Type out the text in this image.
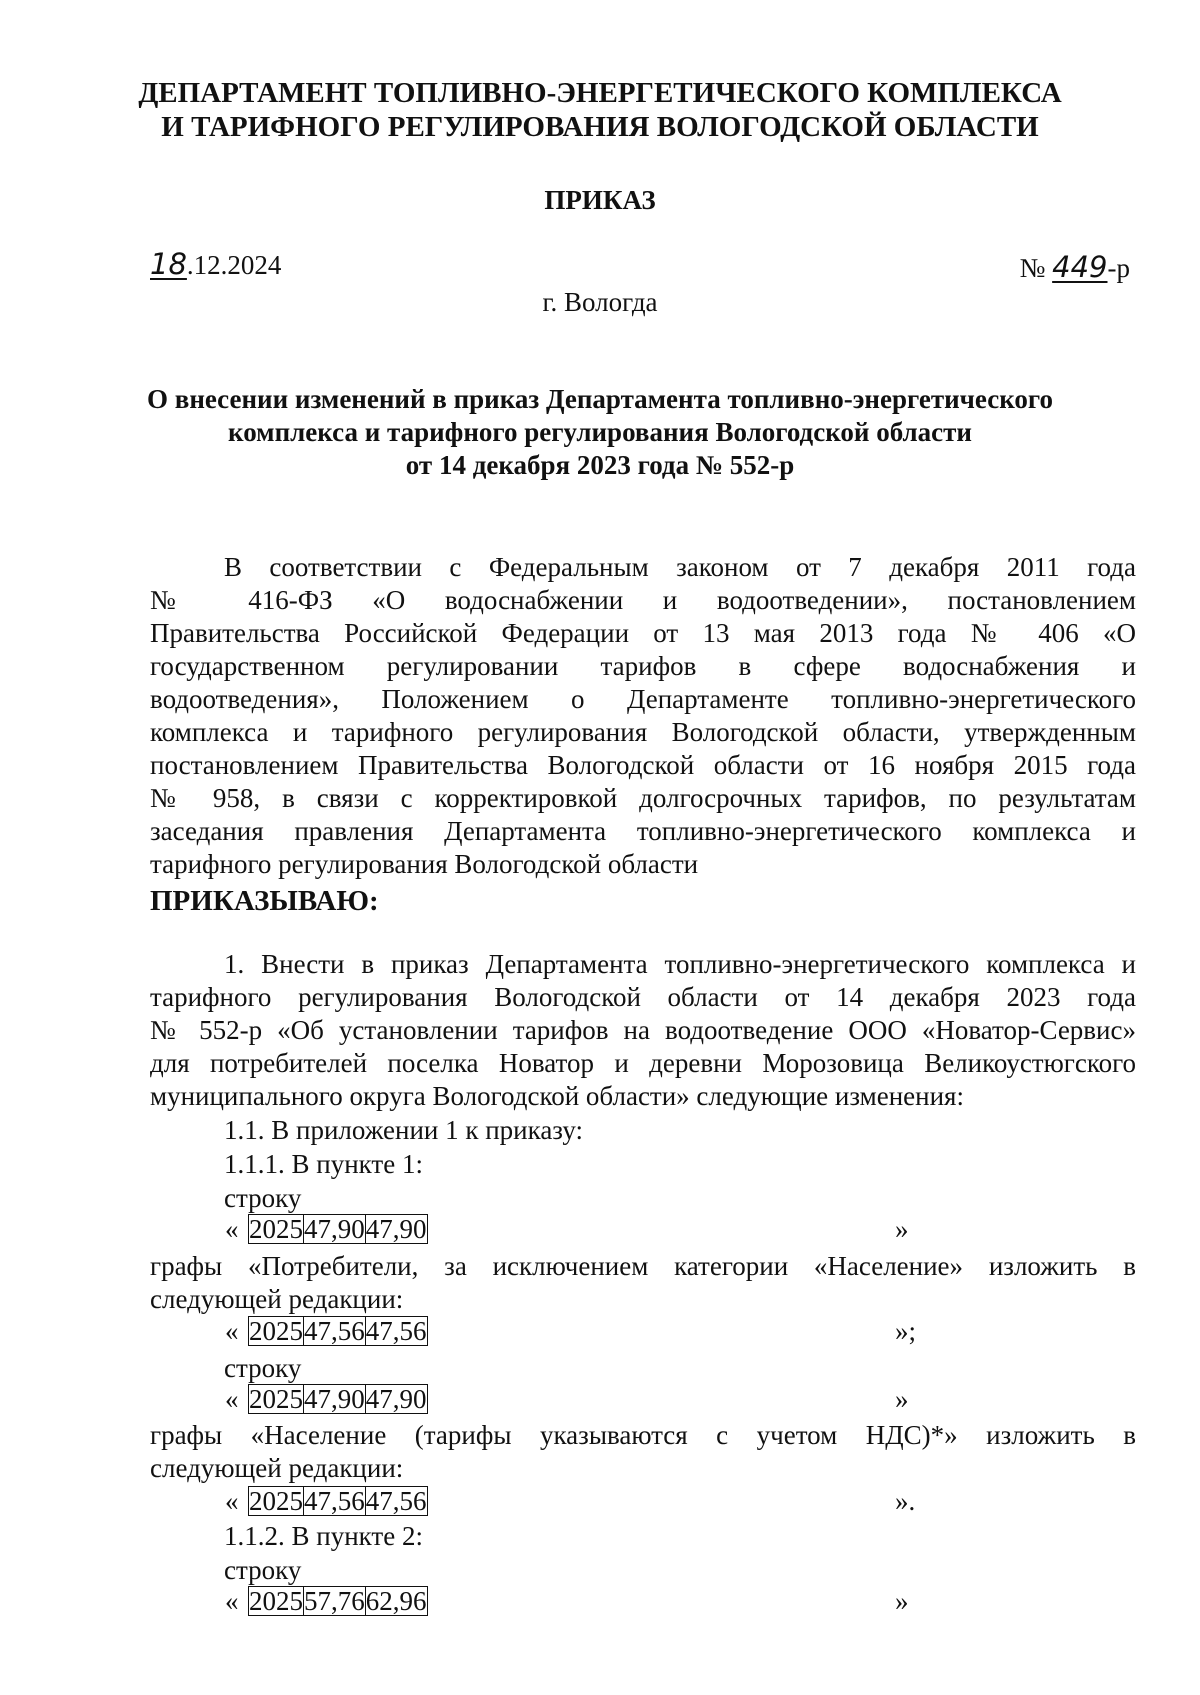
ДЕПАРТАМЕНТ ТОПЛИВНО-ЭНЕРГЕТИЧЕСКОГО КОМПЛЕКСА
И ТАРИФНОГО РЕГУЛИРОВАНИЯ ВОЛОГОДСКОЙ ОБЛАСТИ
ПРИКАЗ
18.12.2024	№ 449-р
г. Вологда
О внесении изменений в приказ Департамента топливно-энергетического
комплекса и тарифного регулирования Вологодской области
от 14 декабря 2023 года № 552-р
В соответствии с Федеральным законом от 7 декабря 2011 года
№ 416-ФЗ «О водоснабжении и водоотведении», постановлением
Правительства Российской Федерации от 13 мая 2013 года № 406 «О
государственном регулировании тарифов в сфере водоснабжения и
водоотведения», Положением о Департаменте топливно-энергетического
комплекса и тарифного регулирования Вологодской области, утвержденным
постановлением Правительства Вологодской области от 16 ноября 2015 года
№ 958, в связи с корректировкой долгосрочных тарифов, по результатам
заседания правления Департамента топливно-энергетического комплекса и
тарифного регулирования Вологодской области
ПРИКАЗЫВАЮ:
1. Внести в приказ Департамента топливно-энергетического комплекса и
тарифного регулирования Вологодской области от 14 декабря 2023 года
№ 552-р «Об установлении тарифов на водоотведение ООО «Новатор-Сервис»
для потребителей поселка Новатор и деревни Морозовица Великоустюгского
муниципального округа Вологодской области» следующие изменения:
1.1. В приложении 1 к приказу:
1.1.1. В пункте 1:
строку
« 2025	47,90	47,90	»
графы «Потребители, за исключением категории «Население» изложить в
следующей редакции:
« 2025	47,56	47,56	»;
строку
« 2025	47,90	47,90	»
графы «Население (тарифы указываются с учетом НДС)*» изложить в
следующей редакции:
« 2025	47,56	47,56	».
1.1.2. В пункте 2:
строку
« 2025	57,76	62,96	»
